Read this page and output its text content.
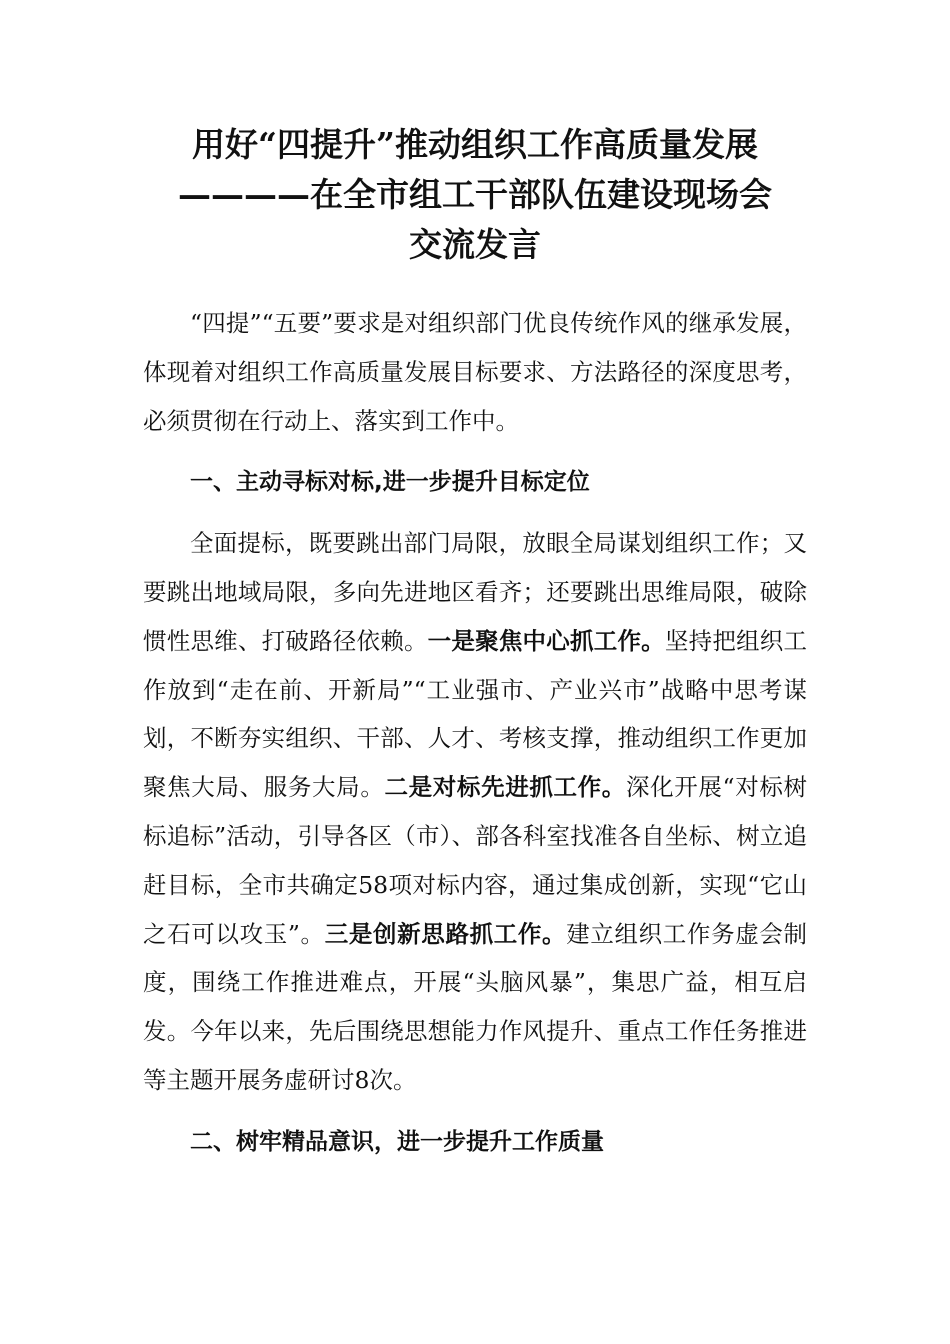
用好“四提升”推动组织工作高质量发展
————在全市组工干部队伍建设现场会
交流发言

“四提”“五要”要求是对组织部门优良传统作风的继承发展，体现着对组织工作高质量发展目标要求、方法路径的深度思考，必须贯彻在行动上、落实到工作中。

一、主动寻标对标,进一步提升目标定位

全面提标，既要跳出部门局限，放眼全局谋划组织工作；又要跳出地域局限，多向先进地区看齐；还要跳出思维局限，破除惯性思维、打破路径依赖。一是聚焦中心抓工作。坚持把组织工作放到“走在前、开新局”“工业强市、产业兴市”战略中思考谋划，不断夯实组织、干部、人才、考核支撑，推动组织工作更加聚焦大局、服务大局。二是对标先进抓工作。深化开展“对标树标追标”活动，引导各区（市）、部各科室找准各自坐标、树立追赶目标，全市共确定58项对标内容，通过集成创新，实现“它山之石可以攻玉”。三是创新思路抓工作。建立组织工作务虚会制度，围绕工作推进难点，开展“头脑风暴”，集思广益，相互启发。今年以来，先后围绕思想能力作风提升、重点工作任务推进等主题开展务虚研讨8次。

二、树牢精品意识，进一步提升工作质量
